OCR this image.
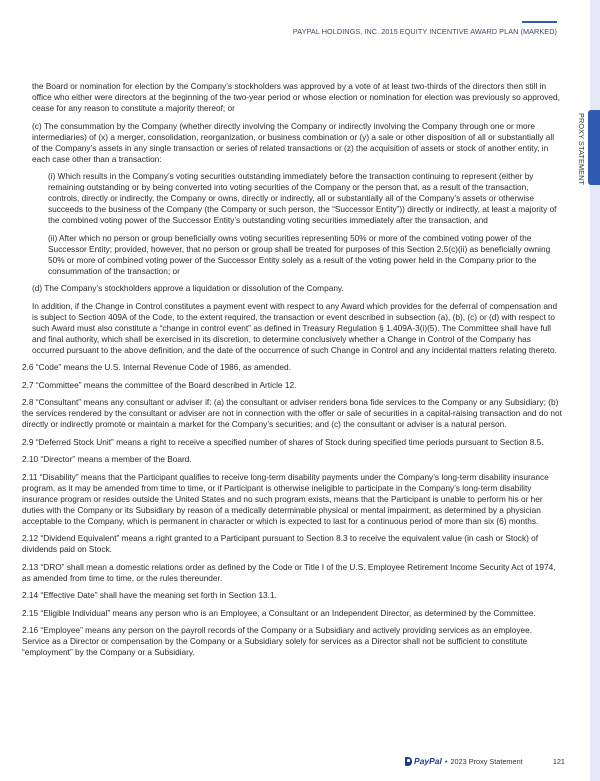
PROXY STATEMENT
PAYPAL HOLDINGS, INC. 2015 EQUITY INCENTIVE AWARD PLAN (MARKED)

the Board or nomination for election by the Company’s stockholders was approved by a vote of at least two-thirds of the directors then still in office who either were directors at the beginning of the two-year period or whose election or nomination for election was previously so approved, cease for any reason to constitute a majority thereof; or

(c) The consummation by the Company (whether directly involving the Company or indirectly involving the Company through one or more intermediaries) of (x) a merger, consolidation, reorganization, or business combination or (y) a sale or other disposition of all or substantially all of the Company’s assets in any single transaction or series of related transactions or (z) the acquisition of assets or stock of another entity, in each case other than a transaction:

(i) Which results in the Company’s voting securities outstanding immediately before the transaction continuing to represent (either by remaining outstanding or by being converted into voting securities of the Company or the person that, as a result of the transaction, controls, directly or indirectly, the Company or owns, directly or indirectly, all or substantially all of the Company’s assets or otherwise succeeds to the business of the Company (the Company or such person, the “Successor Entity”)) directly or indirectly, at least a majority of the combined voting power of the Successor Entity’s outstanding voting securities immediately after the transaction, and

(ii) After which no person or group beneficially owns voting securities representing 50% or more of the combined voting power of the Successor Entity; provided, however, that no person or group shall be treated for purposes of this Section 2.5(c)(ii) as beneficially owning 50% or more of combined voting power of the Successor Entity solely as a result of the voting power held in the Company prior to the consummation of the transaction; or

(d) The Company’s stockholders approve a liquidation or dissolution of the Company.

In addition, if the Change in Control constitutes a payment event with respect to any Award which provides for the deferral of compensation and is subject to Section 409A of the Code, to the extent required, the transaction or event described in subsection (a), (b), (c) or (d) with respect to such Award must also constitute a “change in control event” as defined in Treasury Regulation § 1.409A-3(i)(5). The Committee shall have full and final authority, which shall be exercised in its discretion, to determine conclusively whether a Change in Control of the Company has occurred pursuant to the above definition, and the date of the occurrence of such Change in Control and any incidental matters relating thereto.

2.6 “Code” means the U.S. Internal Revenue Code of 1986, as amended.

2.7 “Committee” means the committee of the Board described in Article 12.

2.8 “Consultant” means any consultant or adviser if: (a) the consultant or adviser renders bona fide services to the Company or any Subsidiary; (b) the services rendered by the consultant or adviser are not in connection with the offer or sale of securities in a capital-raising transaction and do not directly or indirectly promote or maintain a market for the Company’s securities; and (c) the consultant or adviser is a natural person.

2.9 “Deferred Stock Unit” means a right to receive a specified number of shares of Stock during specified time periods pursuant to Section 8.5.

2.10 “Director” means a member of the Board.

2.11 “Disability” means that the Participant qualifies to receive long-term disability payments under the Company’s long-term disability insurance program, as it may be amended from time to time, or if Participant is otherwise ineligible to participate in the Company’s long-term disability insurance program or resides outside the United States and no such program exists, means that the Participant is unable to perform his or her duties with the Company or its Subsidiary by reason of a medically determinable physical or mental impairment, as determined by a physician acceptable to the Company, which is permanent in character or which is expected to last for a continuous period of more than six (6) months.

2.12 “Dividend Equivalent” means a right granted to a Participant pursuant to Section 8.3 to receive the equivalent value (in cash or Stock) of dividends paid on Stock.

2.13 “DRO” shall mean a domestic relations order as defined by the Code or Title I of the U.S. Employee Retirement Income Security Act of 1974, as amended from time to time, or the rules thereunder.

2.14 “Effective Date” shall have the meaning set forth in Section 13.1.

2.15 “Eligible Individual” means any person who is an Employee, a Consultant or an Independent Director, as determined by the Committee.

2.16 “Employee” means any person on the payroll records of the Company or a Subsidiary and actively providing services as an employee. Service as a Director or compensation by the Company or a Subsidiary solely for services as a Director shall not be sufficient to constitute “employment” by the Company or a Subsidiary.

PayPal • 2023 Proxy Statement	121
